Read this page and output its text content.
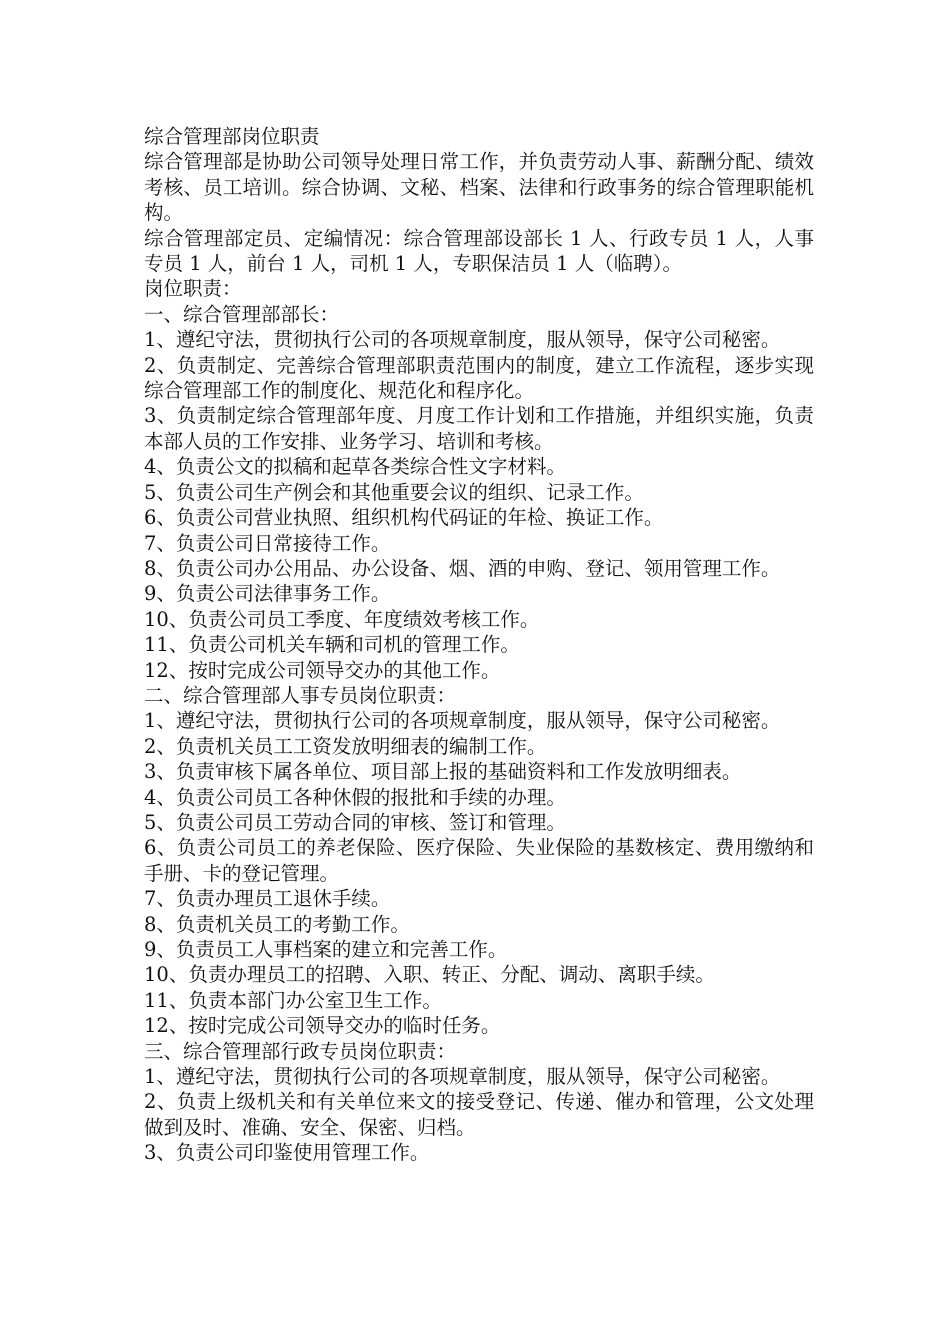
综合管理部岗位职责

综合管理部是协助公司领导处理日常工作，并负责劳动人事、薪酬分配、绩效考核、员工培训。综合协调、文秘、档案、法律和行政事务的综合管理职能机构。

综合管理部定员、定编情况：综合管理部设部长 1 人、行政专员 1 人，人事专员 1 人，前台 1 人，司机 1 人，专职保洁员 1 人（临聘）。

岗位职责：

一、综合管理部部长：

1、遵纪守法，贯彻执行公司的各项规章制度，服从领导，保守公司秘密。

2、负责制定、完善综合管理部职责范围内的制度，建立工作流程，逐步实现综合管理部工作的制度化、规范化和程序化。

3、负责制定综合管理部年度、月度工作计划和工作措施，并组织实施，负责本部人员的工作安排、业务学习、培训和考核。

4、负责公文的拟稿和起草各类综合性文字材料。

5、负责公司生产例会和其他重要会议的组织、记录工作。

6、负责公司营业执照、组织机构代码证的年检、换证工作。

7、负责公司日常接待工作。

8、负责公司办公用品、办公设备、烟、酒的申购、登记、领用管理工作。

9、负责公司法律事务工作。

10、负责公司员工季度、年度绩效考核工作。

11、负责公司机关车辆和司机的管理工作。

12、按时完成公司领导交办的其他工作。

二、综合管理部人事专员岗位职责：

1、遵纪守法，贯彻执行公司的各项规章制度，服从领导，保守公司秘密。

2、负责机关员工工资发放明细表的编制工作。

3、负责审核下属各单位、项目部上报的基础资料和工作发放明细表。

4、负责公司员工各种休假的报批和手续的办理。

5、负责公司员工劳动合同的审核、签订和管理。

6、负责公司员工的养老保险、医疗保险、失业保险的基数核定、费用缴纳和手册、卡的登记管理。

7、负责办理员工退休手续。

8、负责机关员工的考勤工作。

9、负责员工人事档案的建立和完善工作。

10、负责办理员工的招聘、入职、转正、分配、调动、离职手续。

11、负责本部门办公室卫生工作。

12、按时完成公司领导交办的临时任务。

三、综合管理部行政专员岗位职责：

1、遵纪守法，贯彻执行公司的各项规章制度，服从领导，保守公司秘密。

2、负责上级机关和有关单位来文的接受登记、传递、催办和管理，公文处理做到及时、准确、安全、保密、归档。

3、负责公司印鉴使用管理工作。
